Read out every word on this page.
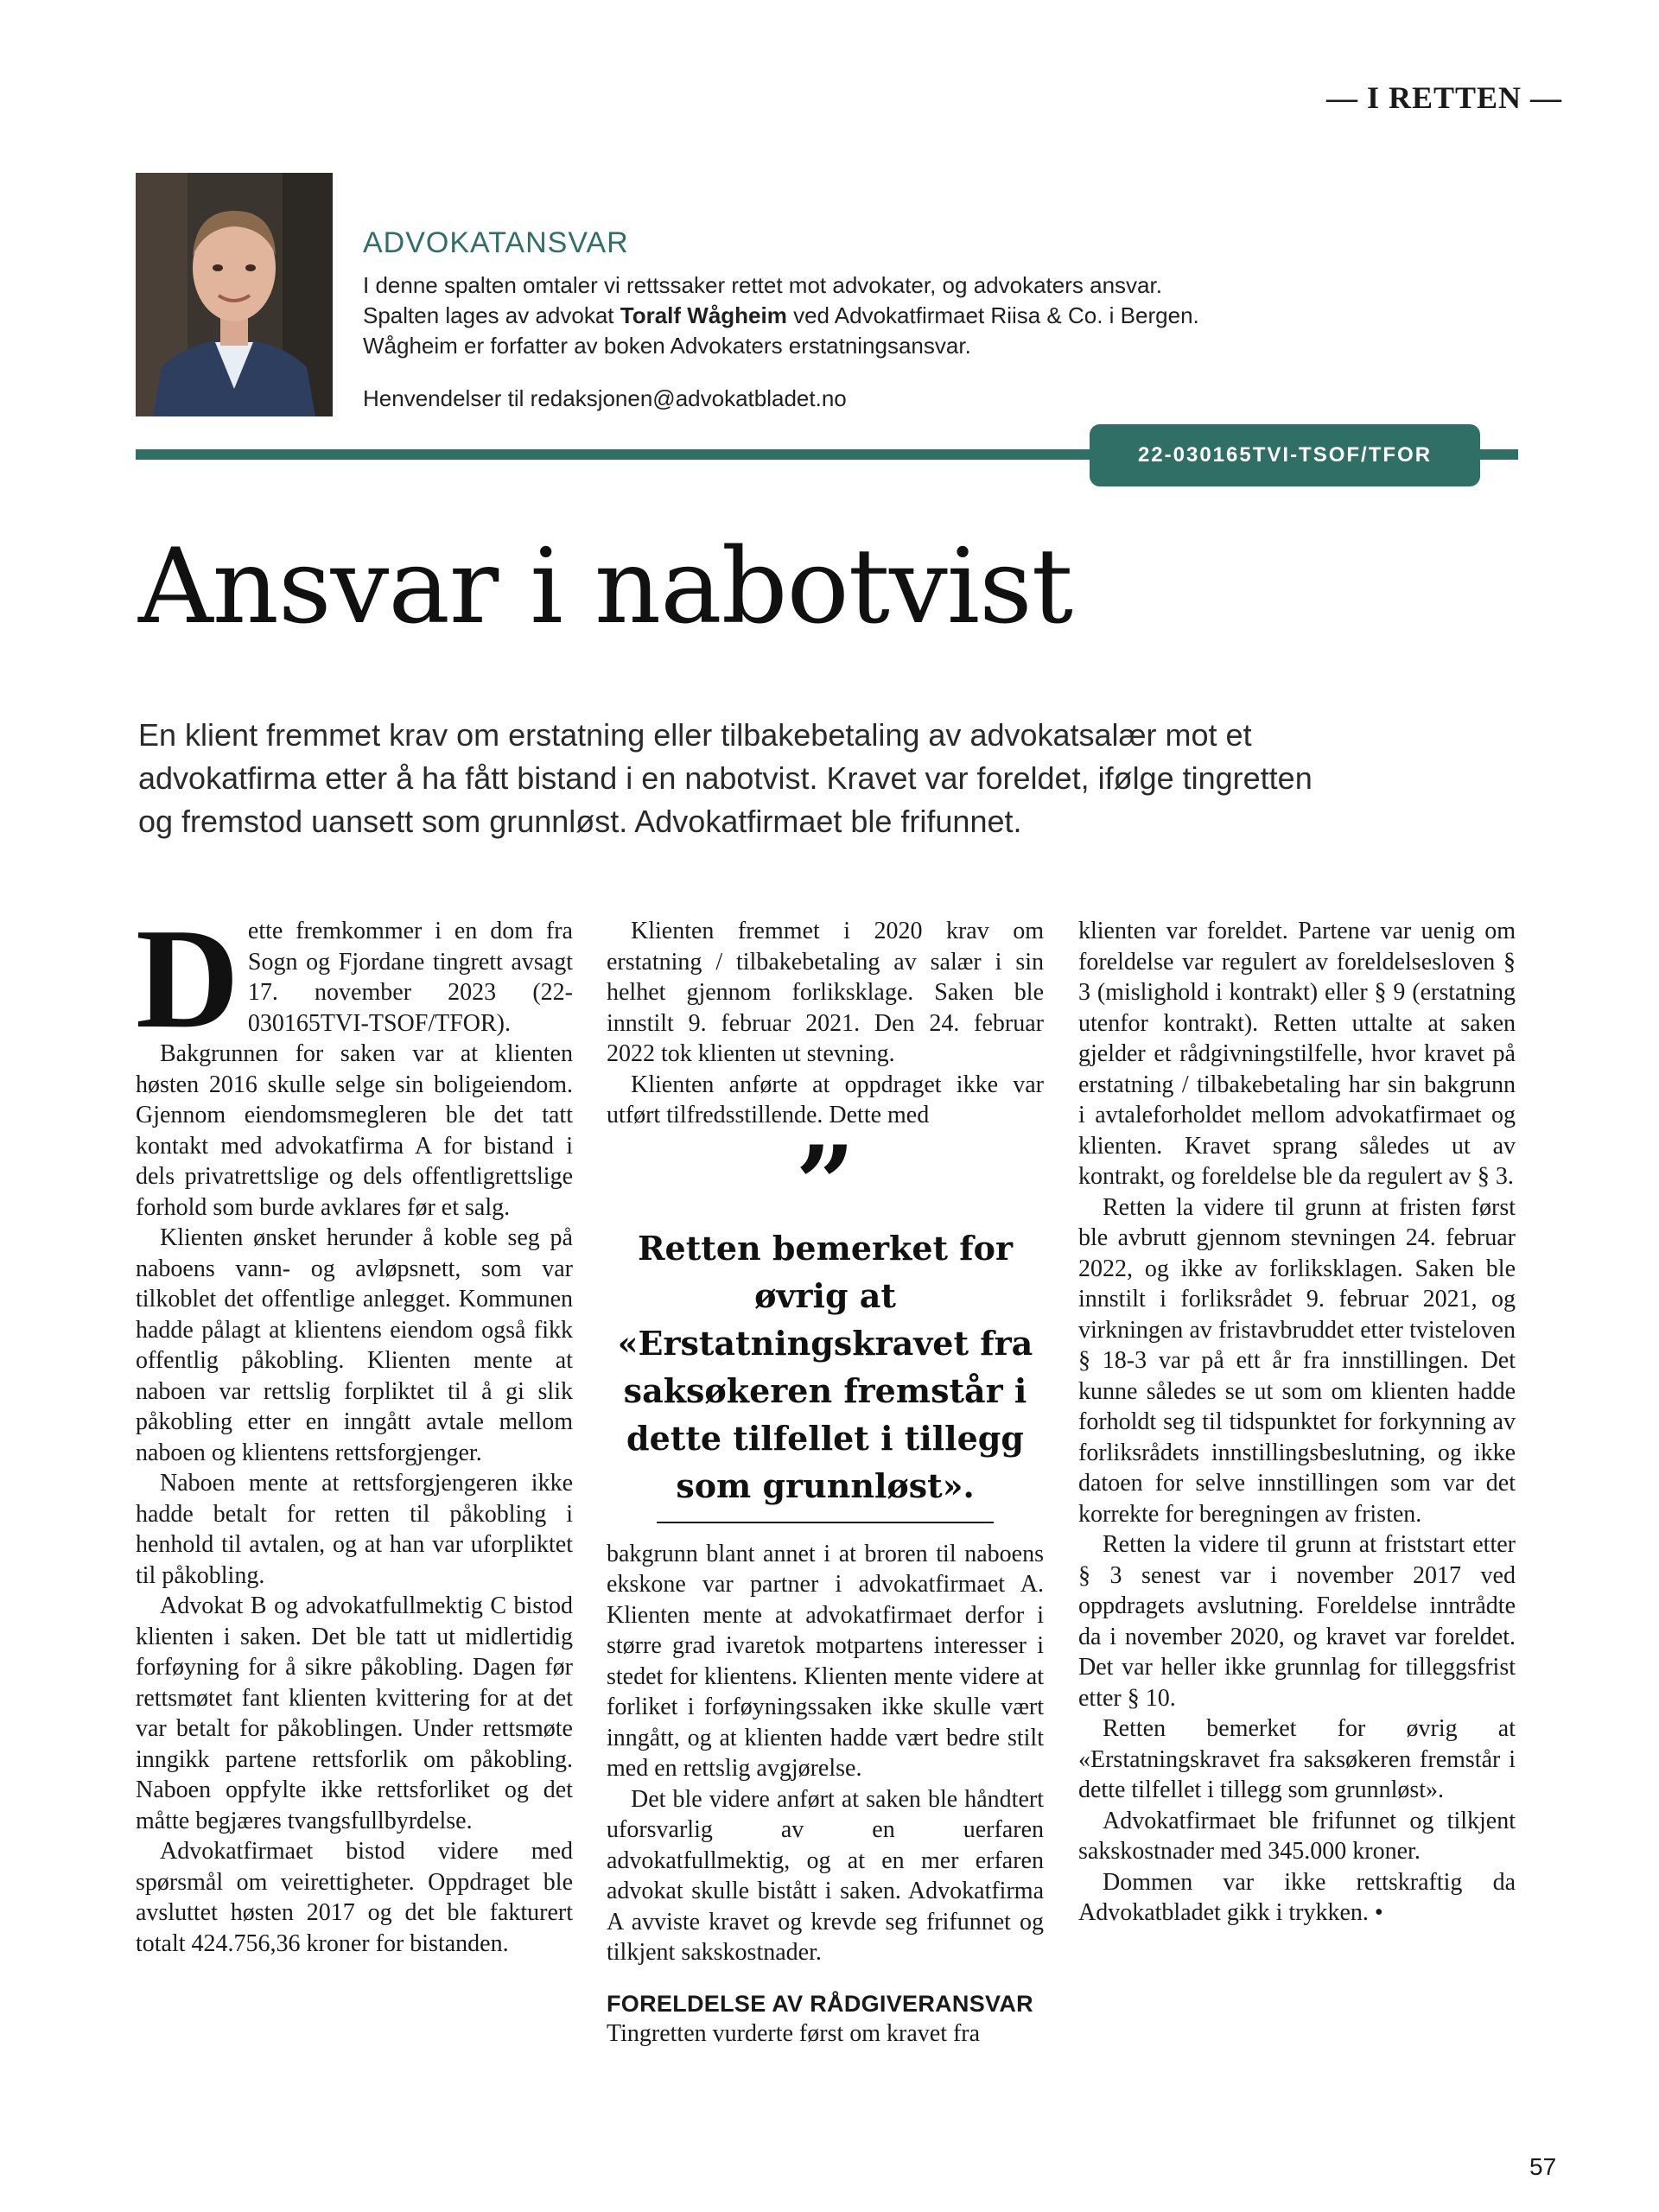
— I RETTEN —

ADVOKATANSVAR

I denne spalten omtaler vi rettssaker rettet mot advokater, og advokaters ansvar.
Spalten lages av advokat Toralf Wågheim ved Advokatfirmaet Riisa & Co. i Bergen.
Wågheim er forfatter av boken Advokaters erstatningsansvar.

Henvendelser til redaksjonen@advokatbladet.no

22-030165TVI-TSOF/TFOR
Ansvar i nabotvist

En klient fremmet krav om erstatning eller tilbakebetaling av advokatsalær mot et advokatfirma etter å ha fått bistand i en nabotvist. Kravet var foreldet, ifølge tingretten og fremstod uansett som grunnløst. Advokatfirmaet ble frifunnet.

Dette fremkommer i en dom fra Sogn og Fjordane tingrett avsagt 17. november 2023 (22-030165TVI-TSOF/TFOR).

Bakgrunnen for saken var at klienten høsten 2016 skulle selge sin boligeiendom. Gjennom eiendomsmegleren ble det tatt kontakt med advokatfirma A for bistand i dels privatrettslige og dels offentligrettslige forhold som burde avklares før et salg.

Klienten ønsket herunder å koble seg på naboens vann- og avløpsnett, som var tilkoblet det offentlige anlegget. Kommunen hadde pålagt at klientens eiendom også fikk offentlig påkobling. Klienten mente at naboen var rettslig forpliktet til å gi slik påkobling etter en inngått avtale mellom naboen og klientens rettsforgjenger.

Naboen mente at rettsforgjengeren ikke hadde betalt for retten til påkobling i henhold til avtalen, og at han var uforpliktet til påkobling.

Advokat B og advokatfullmektig C bistod klienten i saken. Det ble tatt ut midlertidig forføyning for å sikre påkobling. Dagen før rettsmøtet fant klienten kvittering for at det var betalt for påkoblingen. Under rettsmøte inngikk partene rettsforlik om påkobling. Naboen oppfylte ikke rettsforliket og det måtte begjæres tvangsfullbyrdelse.

Advokatfirmaet bistod videre med spørsmål om veirettigheter. Oppdraget ble avsluttet høsten 2017 og det ble fakturert totalt 424.756,36 kroner for bistanden.

Klienten fremmet i 2020 krav om erstatning / tilbakebetaling av salær i sin helhet gjennom forliksklage. Saken ble innstilt 9. februar 2021. Den 24. februar 2022 tok klienten ut stevning.

Klienten anførte at oppdraget ikke var utført tilfredsstillende. Dette med

”
Retten bemerket for øvrig at «Erstatningskravet fra saksøkeren fremstår i dette tilfellet i tillegg som grunnløst».

bakgrunn blant annet i at broren til naboens ekskone var partner i advokatfirmaet A. Klienten mente at advokatfirmaet derfor i større grad ivaretok motpartens interesser i stedet for klientens. Klienten mente videre at forliket i forføyningssaken ikke skulle vært inngått, og at klienten hadde vært bedre stilt med en rettslig avgjørelse.

Det ble videre anført at saken ble håndtert uforsvarlig av en uerfaren advokatfullmektig, og at en mer erfaren advokat skulle bistått i saken. Advokatfirma A avviste kravet og krevde seg frifunnet og tilkjent sakskostnader.

FORELDELSE AV RÅDGIVERANSVAR

Tingretten vurderte først om kravet fra

klienten var foreldet. Partene var uenig om foreldelse var regulert av foreldelsesloven § 3 (mislighold i kontrakt) eller § 9 (erstatning utenfor kontrakt). Retten uttalte at saken gjelder et rådgivningstilfelle, hvor kravet på erstatning / tilbakebetaling har sin bakgrunn i avtaleforholdet mellom advokatfirmaet og klienten. Kravet sprang således ut av kontrakt, og foreldelse ble da regulert av § 3.

Retten la videre til grunn at fristen først ble avbrutt gjennom stevningen 24. februar 2022, og ikke av forliksklagen. Saken ble innstilt i forliksrådet 9. februar 2021, og virkningen av fristavbruddet etter tvisteloven § 18-3 var på ett år fra innstillingen. Det kunne således se ut som om klienten hadde forholdt seg til tidspunktet for forkynning av forliksrådets innstillingsbeslutning, og ikke datoen for selve innstillingen som var det korrekte for beregningen av fristen.

Retten la videre til grunn at friststart etter § 3 senest var i november 2017 ved oppdragets avslutning. Foreldelse inntrådte da i november 2020, og kravet var foreldet. Det var heller ikke grunnlag for tilleggsfrist etter § 10.

Retten bemerket for øvrig at «Erstatningskravet fra saksøkeren fremstår i dette tilfellet i tillegg som grunnløst».

Advokatfirmaet ble frifunnet og tilkjent sakskostnader med 345.000 kroner.

Dommen var ikke rettskraftig da Advokatbladet gikk i trykken. •

57
